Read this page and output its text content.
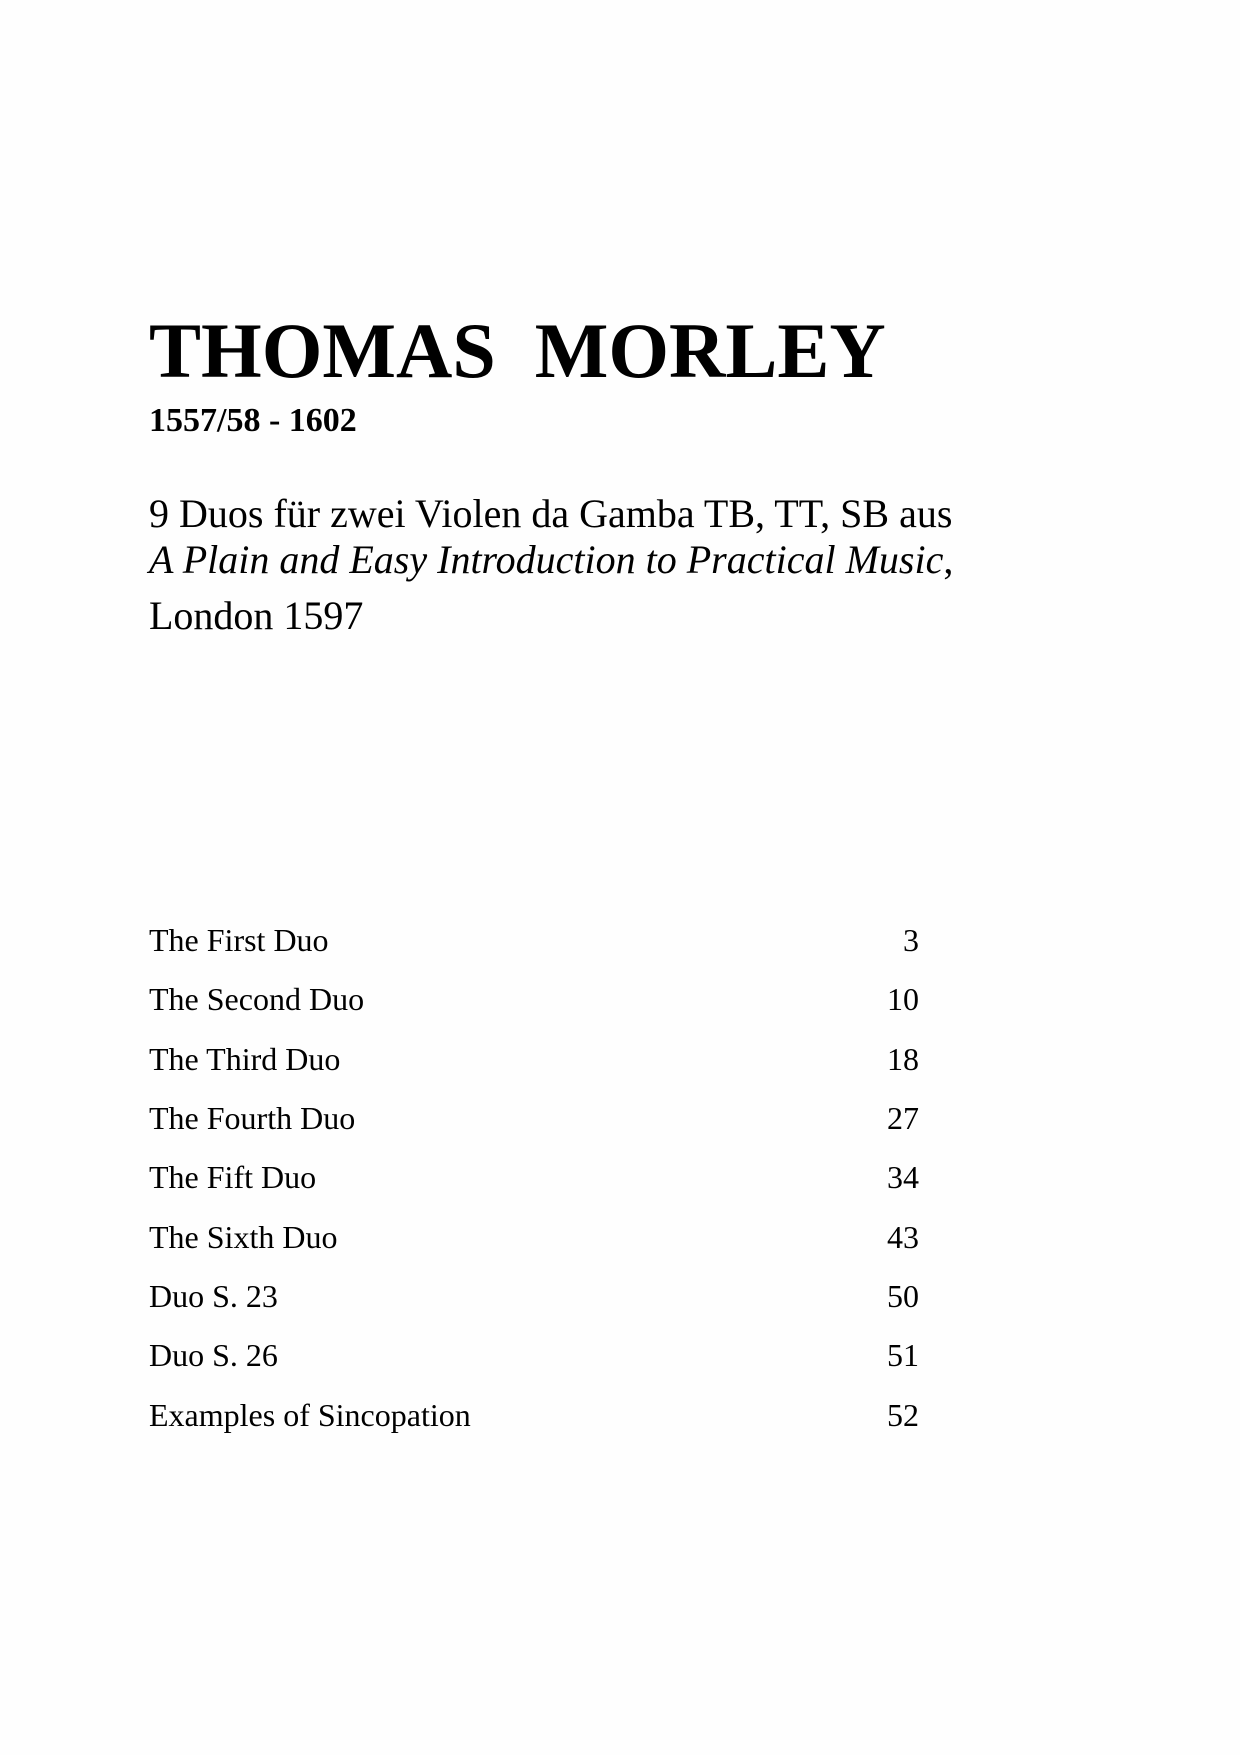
THOMAS  MORLEY
1557/58 - 1602
9 Duos für zwei Violen da Gamba TB, TT, SB aus
A Plain and Easy Introduction to Practical Music,
London 1597
The First Duo	3
The Second Duo	10
The Third Duo	18
The Fourth Duo	27
The Fift Duo	34
The Sixth Duo	43
Duo S. 23	50
Duo S. 26	51
Examples of Sincopation	52
